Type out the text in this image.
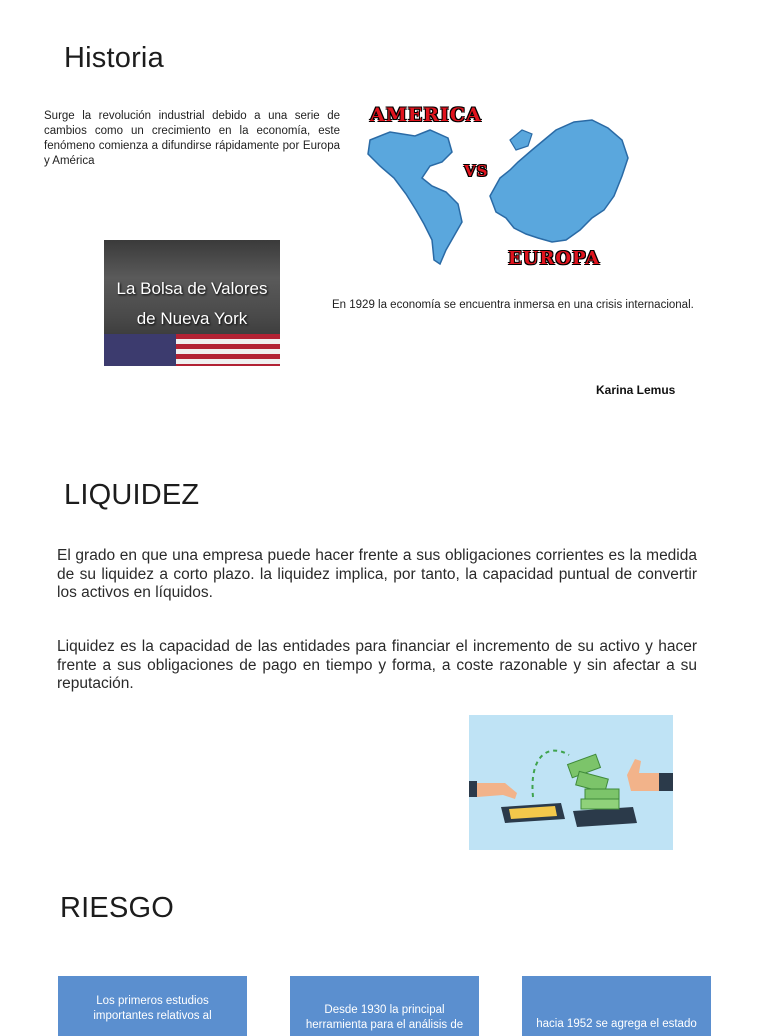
Historia
Surge la revolución industrial debido a una serie de cambios como un crecimiento en la economía, este fenómeno comienza a difundirse rápidamente por Europa y América
AMERICA
VS
EUROPA
La Bolsa de Valores
de Nueva York
En 1929 la economía se encuentra inmersa en una crisis internacional.
Karina Lemus
LIQUIDEZ
El grado en que una empresa puede hacer frente a sus obligaciones corrientes es la medida de su liquidez a corto plazo. la liquidez implica, por tanto, la capacidad puntual de convertir los activos en líquidos.
Liquidez es la capacidad de las entidades para financiar el incremento de su activo y hacer frente a sus obligaciones de pago en tiempo y forma, a coste razonable y sin afectar a su reputación.
RIESGO
Los primeros estudios importantes relativos al	Desde 1930 la principal herramienta para el análisis de	hacia 1952 se agrega el estado
